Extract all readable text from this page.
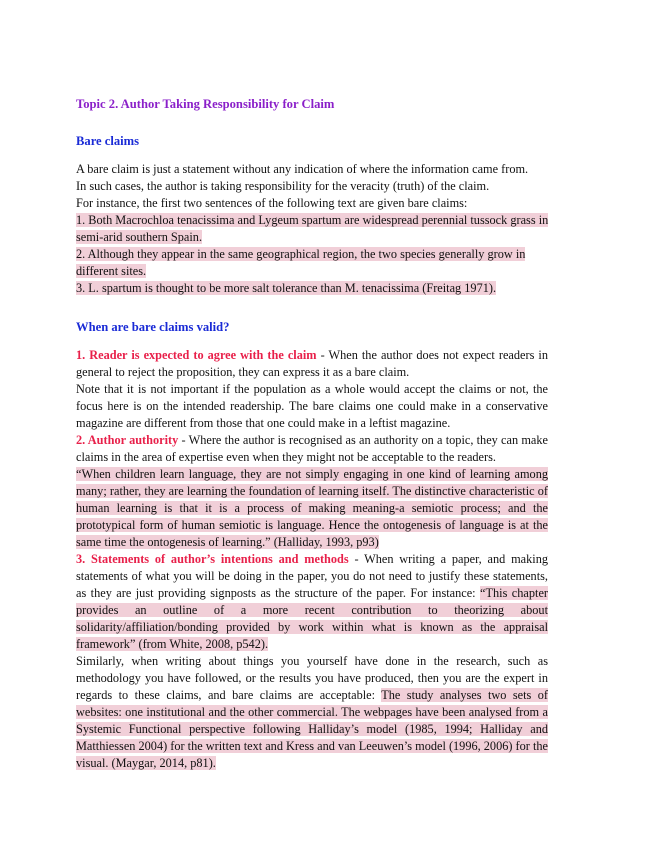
Topic 2. Author Taking Responsibility for Claim
Bare claims

A bare claim is just a statement without any indication of where the information came from.

In such cases, the author is taking responsibility for the veracity (truth) of the claim.

For instance, the first two sentences of the following text are given bare claims:

1. Both Macrochloa tenacissima and Lygeum spartum are widespread perennial tussock grass in

semi-arid southern Spain.

2. Although they appear in the same geographical region, the two species generally grow in

different sites.

3. L. spartum is thought to be more salt tolerance than M. tenacissima (Freitag 1971).

When are bare claims valid?

1. Reader is expected to agree with the claim - When the author does not expect readers in general to reject the proposition, they can express it as a bare claim.

Note that it is not important if the population as a whole would accept the claims or not, the focus here is on the intended readership. The bare claims one could make in a conservative magazine are different from those that one could make in a leftist magazine.

2. Author authority - Where the author is recognised as an authority on a topic, they can make claims in the area of expertise even when they might not be acceptable to the readers.

“When children learn language, they are not simply engaging in one kind of learning among many; rather, they are learning the foundation of learning itself. The distinctive characteristic of human learning is that it is a process of making meaning-a semiotic process; and the prototypical form of human semiotic is language. Hence the ontogenesis of language is at the same time the ontogenesis of learning.” (Halliday, 1993, p93)

3. Statements of author’s intentions and methods - When writing a paper, and making statements of what you will be doing in the paper, you do not need to justify these statements, as they are just providing signposts as the structure of the paper. For instance: “This chapter provides an outline of a more recent contribution to theorizing about solidarity/affiliation/bonding provided by work within what is known as the appraisal framework” (from White, 2008, p542).

Similarly, when writing about things you yourself have done in the research, such as methodology you have followed, or the results you have produced, then you are the expert in regards to these claims, and bare claims are acceptable: The study analyses two sets of websites: one institutional and the other commercial. The webpages have been analysed from a Systemic Functional perspective following Halliday’s model (1985, 1994; Halliday and Matthiessen 2004) for the written text and Kress and van Leeuwen’s model (1996, 2006) for the visual. (Maygar, 2014, p81).
